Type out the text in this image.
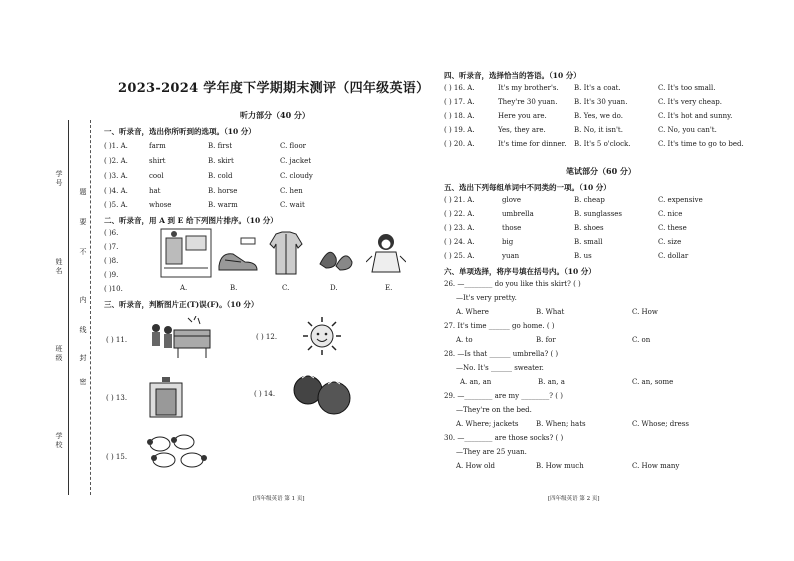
学号
姓名
班级
学校
题
要
不
内
线
封
密
2023-2024 学年度下学期期末测评（四年级英语）
听力部分（40 分）
一、听录音，选出你所听到的选项。（10 分）
( )1. A.	farm	B. first	C. floor
( )2. A.	shirt	B. skirt	C. jacket
( )3. A.	cool	B. cold	C. cloudy
( )4. A.	hat	B. horse	C. hen
( )5. A.	whose	B. warm	C. wait
二、听录音，用 A 到 E 给下列图片排序。（10 分）
( )6.
( )7.
( )8.
( )9.
( )10.	A.	B.	C.	D.	E.
三、听录音，判断图片正(T)误(F)。（10 分）
( ) 11.	( ) 12.
( ) 13.	( ) 14.
( ) 15.
[四年级英语 第 1 页]
四、听录音，选择恰当的答语。（10 分）
( ) 16. A.	It's my brother's. B. It's a coat.	C. It's too small.
( ) 17. A.	They're 30 yuan. B. It's 30 yuan.	C. It's very cheap.
( ) 18. A.	Here you are.	B. Yes, we do.	C. It's hot and sunny.
( ) 19. A.	Yes, they are.	B. No, it isn't.	C. No, you can't.
( ) 20. A.	It's time for dinner. B. It's 5 o'clock.	C. It's time to go to bed.
笔试部分（60 分）
五、选出下列每组单词中不同类的一项。（10 分）
( ) 21. A.	glove	B. cheap	C. expensive
( ) 22. A.	umbrella	B. sunglasses	C. nice
( ) 23. A.	those	B. shoes	C. these
( ) 24. A.	big	B. small	C. size
( ) 25. A.	yuan	B. us	C. dollar
六、单项选择，将序号填在括号内。（10 分）
26. —________ do you like this skirt? ( )
—It's very pretty.
A. Where	B. What	C. How
27. It's time ______ go home. ( )
A. to	B. for	C. on
28. —Is that ______ umbrella? ( )
—No. It's ______ sweater.
A. an, an	B. an, a	C. an, some
29. —________ are my ________? ( )
—They're on the bed.
A. Where; jackets	B. When; hats	C. Whose; dress
30. —________ are those socks? ( )
—They are 25 yuan.
A. How old	B. How much	C. How many
[四年级英语 第 2 页]
